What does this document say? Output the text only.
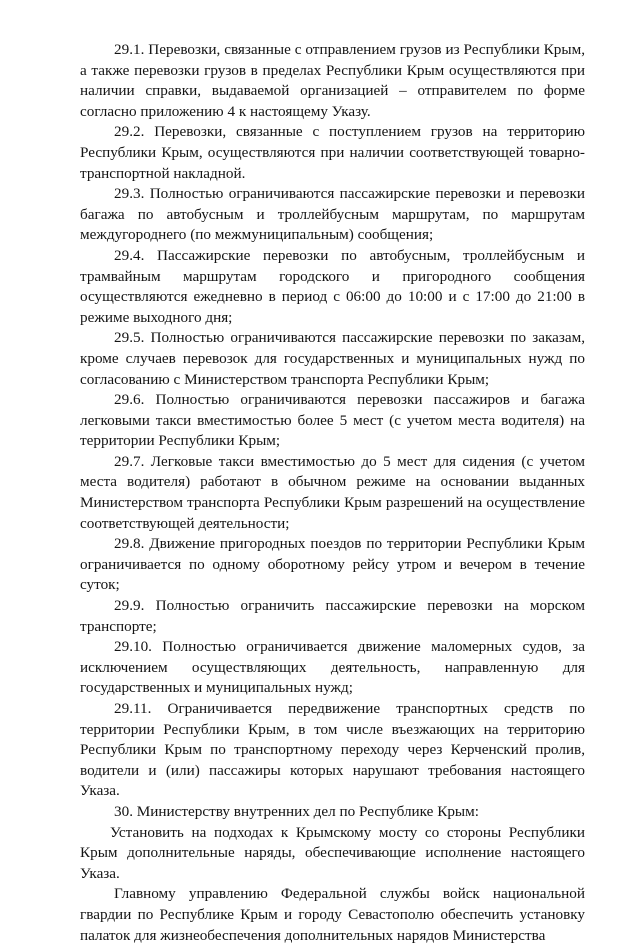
29.1. Перевозки, связанные с отправлением грузов из Республики Крым, а также перевозки грузов в пределах Республики Крым осуществляются при наличии справки, выдаваемой организацией – отправителем по форме согласно приложению 4 к настоящему Указу.

29.2. Перевозки, связанные с поступлением грузов на территорию Республики Крым, осуществляются при наличии соответствующей товарно-транспортной накладной.

29.3. Полностью ограничиваются пассажирские перевозки и перевозки багажа по автобусным и троллейбусным маршрутам, по маршрутам междугороднего (по межмуниципальным) сообщения;

29.4. Пассажирские перевозки по автобусным, троллейбусным и трамвайным маршрутам городского и пригородного сообщения осуществляются ежедневно в период с 06:00 до 10:00 и с 17:00 до 21:00 в режиме выходного дня;

29.5. Полностью ограничиваются пассажирские перевозки по заказам, кроме случаев перевозок для государственных и муниципальных нужд по согласованию с Министерством транспорта Республики Крым;

29.6. Полностью ограничиваются перевозки пассажиров и багажа легковыми такси вместимостью более 5 мест (с учетом места водителя) на территории Республики Крым;

29.7. Легковые такси вместимостью до 5 мест для сидения (с учетом места водителя) работают в обычном режиме на основании выданных Министерством транспорта Республики Крым разрешений на осуществление соответствующей деятельности;

29.8. Движение пригородных поездов по территории Республики Крым ограничивается по одному оборотному рейсу утром и вечером в течение суток;

29.9. Полностью ограничить пассажирские перевозки на морском транспорте;

29.10. Полностью ограничивается движение маломерных судов, за исключением осуществляющих деятельность, направленную для государственных и муниципальных нужд;

29.11. Ограничивается передвижение транспортных средств по территории Республики Крым, в том числе въезжающих на территорию Республики Крым по транспортному переходу через Керченский пролив, водители и (или) пассажиры которых нарушают требования настоящего Указа.

30. Министерству внутренних дел по Республике Крым:

Установить на подходах к Крымскому мосту со стороны Республики Крым дополнительные наряды, обеспечивающие исполнение настоящего Указа.

Главному управлению Федеральной службы войск национальной гвардии по Республике Крым и городу Севастополю обеспечить установку палаток для жизнеобеспечения дополнительных нарядов Министерства
